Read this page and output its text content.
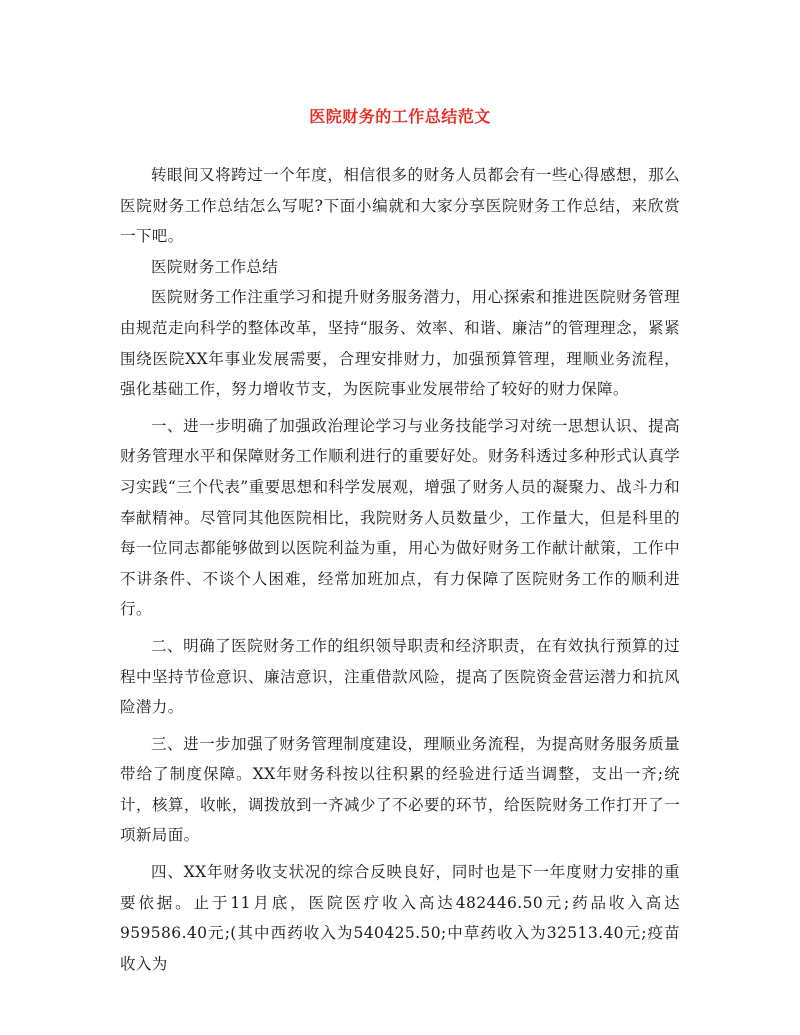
医院财务的工作总结范文

转眼间又将跨过一个年度，相信很多的财务人员都会有一些心得感想，那么医院财务工作总结怎么写呢?下面小编就和大家分享医院财务工作总结，来欣赏一下吧。

医院财务工作总结

医院财务工作注重学习和提升财务服务潜力，用心探索和推进医院财务管理由规范走向科学的整体改革，坚持“服务、效率、和谐、廉洁”的管理理念，紧紧围绕医院XX年事业发展需要，合理安排财力，加强预算管理，理顺业务流程，强化基础工作，努力增收节支，为医院事业发展带给了较好的财力保障。

一、进一步明确了加强政治理论学习与业务技能学习对统一思想认识、提高财务管理水平和保障财务工作顺利进行的重要好处。财务科透过多种形式认真学习实践“三个代表”重要思想和科学发展观，增强了财务人员的凝聚力、战斗力和奉献精神。尽管同其他医院相比，我院财务人员数量少，工作量大，但是科里的每一位同志都能够做到以医院利益为重，用心为做好财务工作献计献策，工作中不讲条件、不谈个人困难，经常加班加点，有力保障了医院财务工作的顺利进行。

二、明确了医院财务工作的组织领导职责和经济职责，在有效执行预算的过程中坚持节俭意识、廉洁意识，注重借款风险，提高了医院资金营运潜力和抗风险潜力。

三、进一步加强了财务管理制度建设，理顺业务流程，为提高财务服务质量带给了制度保障。XX年财务科按以往积累的经验进行适当调整，支出一齐;统计，核算，收帐，调拨放到一齐减少了不必要的环节，给医院财务工作打开了一项新局面。

四、XX年财务收支状况的综合反映良好，同时也是下一年度财力安排的重要依据。止于11月底，医院医疗收入高达482446.50元;药品收入高达959586.40元;(其中西药收入为540425.50;中草药收入为32513.40元;疫苗收入为
